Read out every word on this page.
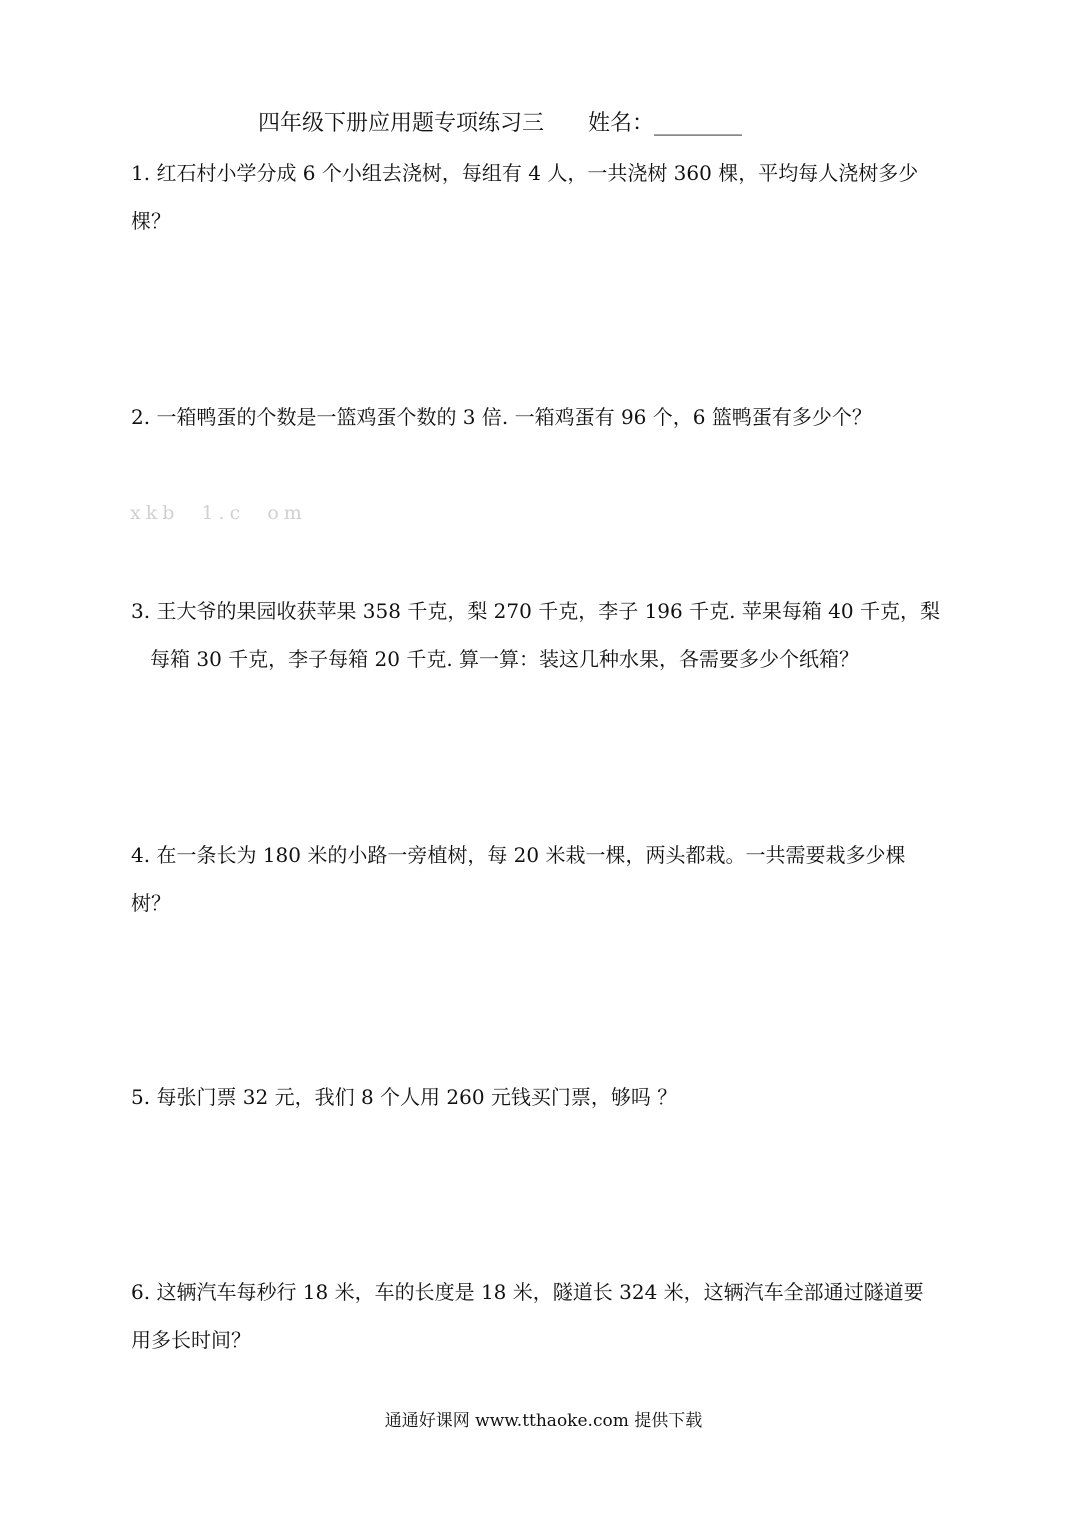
四年级下册应用题专项练习三 姓名：________
1. 红石村小学分成 6 个小组去浇树，每组有 4 人，一共浇树 360 棵，平均每人浇树多少
棵？
2. 一箱鸭蛋的个数是一篮鸡蛋个数的 3 倍. 一箱鸡蛋有 96 个，6 篮鸭蛋有多少个？
xkb  1.c  om
3. 王大爷的果园收获苹果 358 千克，梨 270 千克，李子 196 千克. 苹果每箱 40 千克，梨
每箱 30 千克，李子每箱 20 千克. 算一算：装这几种水果，各需要多少个纸箱？
4. 在一条长为 180 米的小路一旁植树，每 20 米栽一棵，两头都栽。一共需要栽多少棵
树？
5. 每张门票 32 元，我们 8 个人用 260 元钱买门票，够吗 ？
6. 这辆汽车每秒行 18 米，车的长度是 18 米，隧道长 324 米，这辆汽车全部通过隧道要
用多长时间？
通通好课网 www.tthaoke.com 提供下载
